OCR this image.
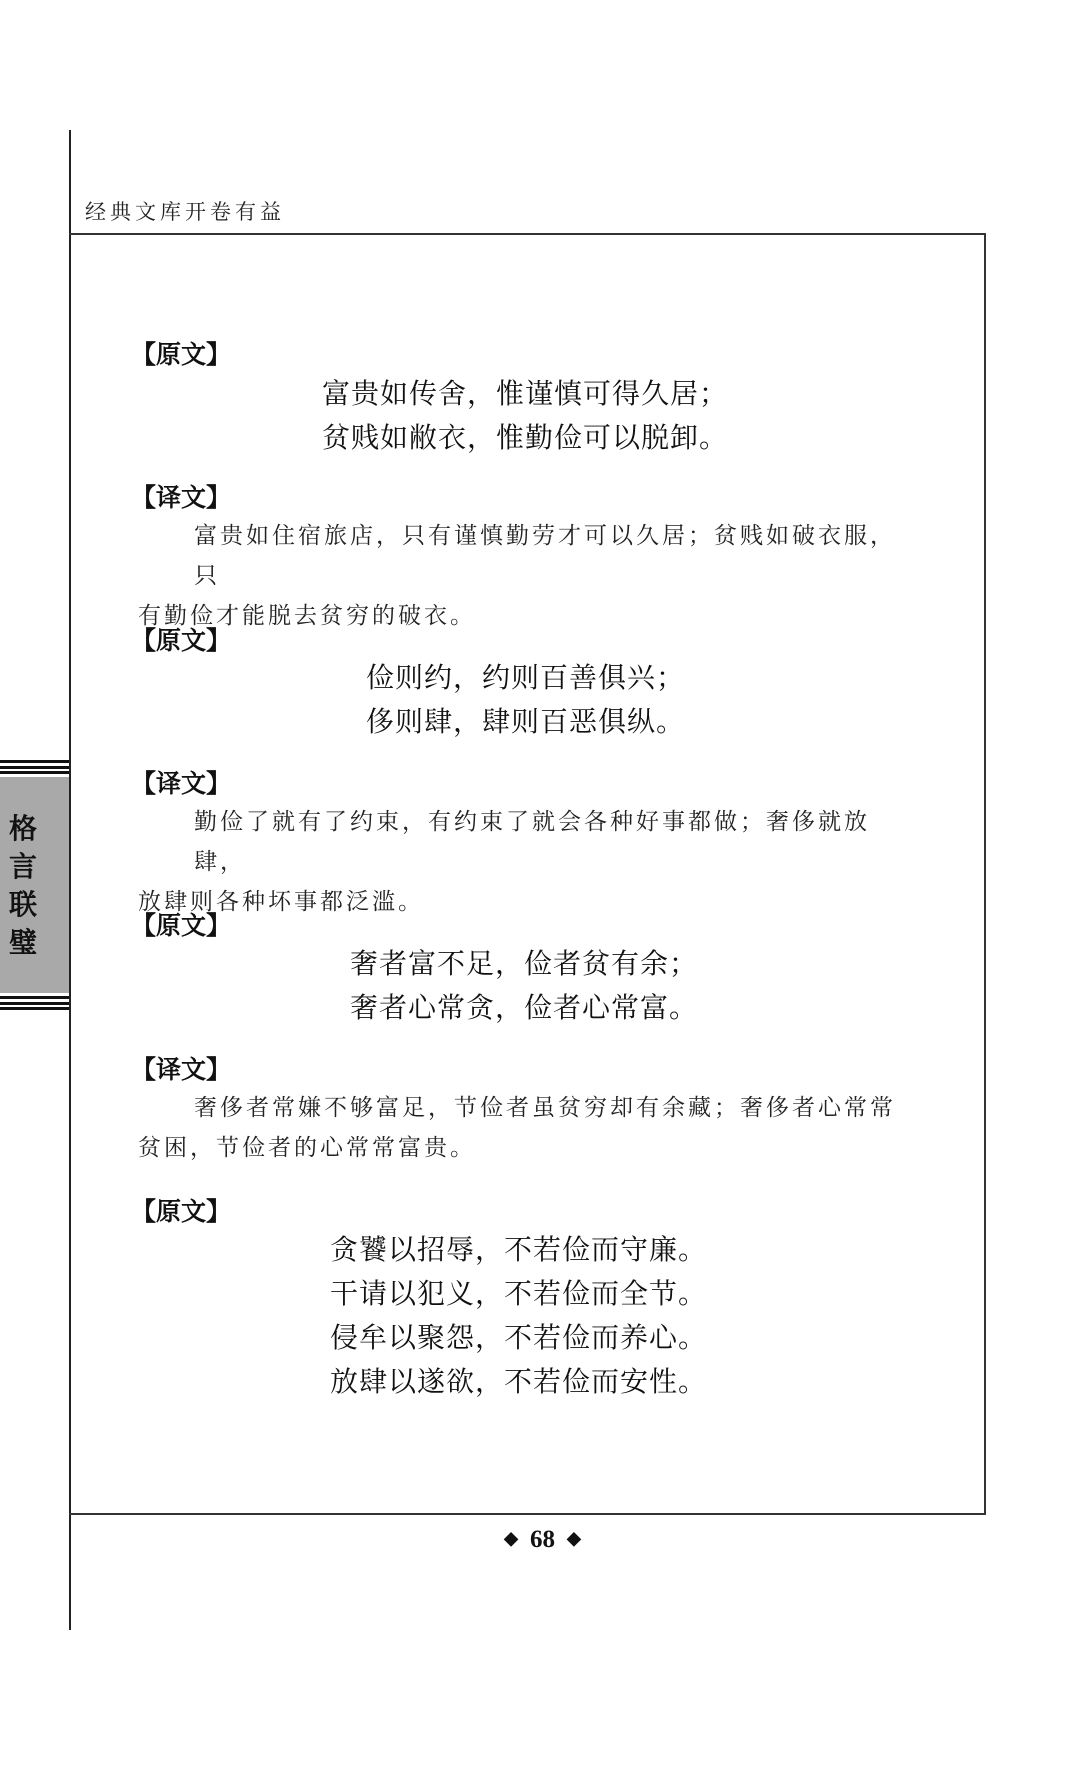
经典文库开卷有益
格
言
联
璧
【原文】
富贵如传舍，惟谨慎可得久居；
贫贱如敝衣，惟勤俭可以脱卸。
【译文】
富贵如住宿旅店，只有谨慎勤劳才可以久居；贫贱如破衣服，只
有勤俭才能脱去贫穷的破衣。
【原文】
俭则约，约则百善俱兴；
侈则肆，肆则百恶俱纵。
【译文】
勤俭了就有了约束，有约束了就会各种好事都做；奢侈就放肆，
放肆则各种坏事都泛滥。
【原文】
奢者富不足，俭者贫有余；
奢者心常贪，俭者心常富。
【译文】
奢侈者常嫌不够富足，节俭者虽贫穷却有余藏；奢侈者心常常
贫困，节俭者的心常常富贵。
【原文】
贪饕以招辱，不若俭而守廉。
干请以犯义，不若俭而全节。
侵牟以聚怨，不若俭而养心。
放肆以遂欲，不若俭而安性。
◆ 68 ◆
